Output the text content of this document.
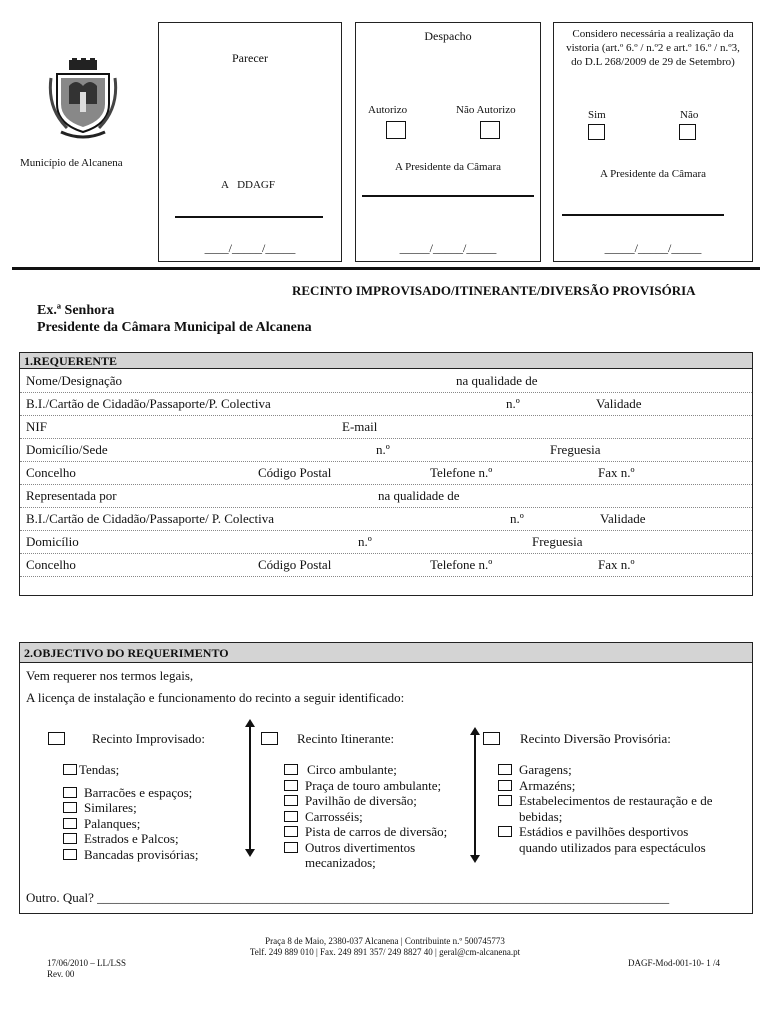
Município de Alcanena
Parecer
A DDAGF
____/_____/_____
Despacho
Autorizo	Não Autorizo
A Presidente da Câmara
_____/_____/_____
Considero necessária a realização da vistoria (art.º 6.º / n.º2 e art.º 16.º / n.º3, do D.L 268/2009 de 29 de Setembro)
Sim	Não
A Presidente da Câmara
_____/_____/_____
RECINTO IMPROVISADO/ITINERANTE/DIVERSÃO PROVISÓRIA
Ex.ª Senhora
Presidente da Câmara Municipal de Alcanena
1.REQUERENTE
Nome/Designação	na qualidade de
B.I./Cartão de Cidadão/Passaporte/P. Colectiva	n.º	Validade
NIF	E-mail
Domicílio/Sede	n.º	Freguesia
Concelho	Código Postal	Telefone n.º	Fax n.º
Representada por	na qualidade de
B.I./Cartão de Cidadão/Passaporte/ P. Colectiva	n.º	Validade
Domicílio	n.º	Freguesia
Concelho	Código Postal	Telefone n.º	Fax n.º
2.OBJECTIVO DO REQUERIMENTO
Vem requerer nos termos legais,
A licença de instalação e funcionamento do recinto a seguir identificado:
Recinto Improvisado:	Recinto Itinerante:	Recinto Diversão Provisória:
Tendas;
Barracões e espaços;
Similares;
Palanques;
Estrados e Palcos;
Bancadas provisórias;
Circo ambulante;
Praça de touro ambulante;
Pavilhão de diversão;
Carrosséis;
Pista de carros de diversão;
Outros divertimentos
mecanizados;
Garagens;
Armazéns;
Estabelecimentos de restauração e de
bebidas;
Estádios e pavilhões desportivos
quando utilizados para espectáculos
Outro. Qual? ________________________________________________________________________________________
Praça 8 de Maio, 2380-037 Alcanena | Contribuinte n.º 500745773
Telf. 249 889 010 | Fax. 249 891 357/ 249 8827 40 | geral@cm-alcanena.pt
17/06/2010 – LL/LSS
Rev. 00
DAGF-Mod-001-10- 1 /4
